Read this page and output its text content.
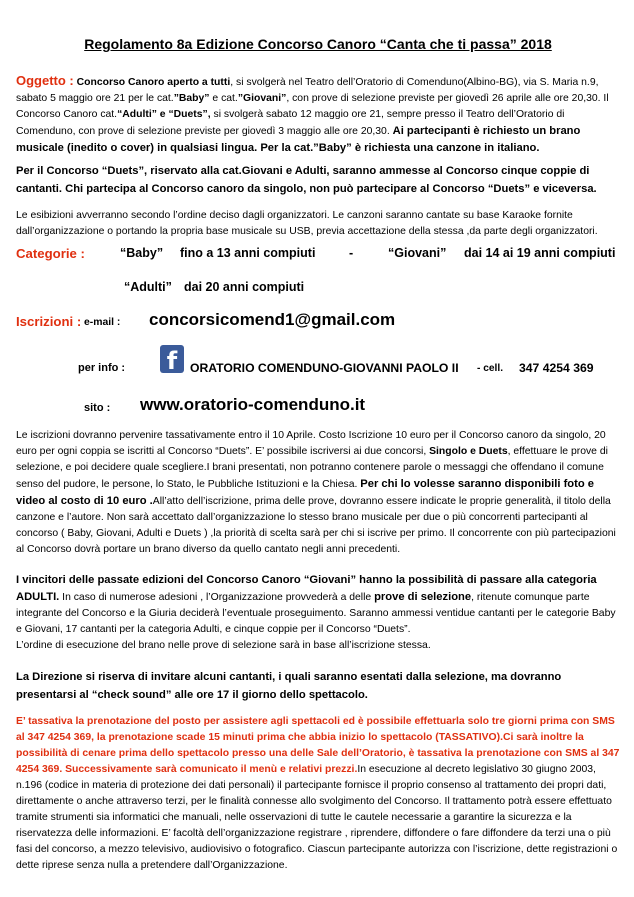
Regolamento 8a Edizione Concorso Canoro “Canta che ti passa” 2018
Oggetto : Concorso Canoro aperto a tutti, si svolgerà nel Teatro dell’Oratorio di Comenduno(Albino-BG), via S. Maria n.9, sabato 5 maggio ore 21 per le cat.”Baby” e cat.”Giovani”, con prove di selezione previste per giovedì 26 aprile alle ore 20,30. Il Concorso Canoro cat.“Adulti” e “Duets”, si svolgerà sabato 12 maggio ore 21, sempre presso il Teatro dell’Oratorio di Comenduno, con prove di selezione previste per giovedì 3 maggio alle ore 20,30. Ai partecipanti è richiesto un brano musicale (inedito o cover) in qualsiasi lingua. Per la cat.”Baby” è richiesta una canzone in italiano.
Per il Concorso “Duets”, riservato alla cat.Giovani e Adulti, saranno ammesse al Concorso cinque coppie di cantanti. Chi partecipa al Concorso canoro da singolo, non può partecipare al Concorso “Duets” e viceversa.
Le esibizioni avverranno secondo l’ordine deciso dagli organizzatori. Le canzoni saranno cantate su base Karaoke fornite dall’organizzazione o portando la propria base musicale su USB, previa accettazione della stessa ,da parte degli organizzatori.
Categorie :	“Baby” fino a 13 anni compiuti	-	“Giovani” dai 14 ai 19 anni compiuti
“Adulti” dai 20 anni compiuti
Iscrizioni : e-mail : concorsicomend1@gmail.com
per info : f	ORATORIO COMENDUNO-GIOVANNI PAOLO II - cell. 347 4254 369
sito : www.oratorio-comenduno.it
Le iscrizioni dovranno pervenire tassativamente entro il 10 Aprile. Costo Iscrizione 10 euro per il Concorso canoro da singolo, 20 euro per ogni coppia se iscritti al Concorso “Duets”. E’ possibile iscriversi ai due concorsi, Singolo e Duets, effettuare le prove di selezione, e poi decidere quale scegliere.I brani presentati, non potranno contenere parole o messaggi che offendano il comune senso del pudore, le persone, lo Stato, le Pubbliche Istituzioni e la Chiesa. Per chi lo volesse saranno disponibili foto e video al costo di 10 euro .All’atto dell’iscrizione, prima delle prove, dovranno essere indicate le proprie generalità, il titolo della canzone e l’autore. Non sarà accettato dall’organizzazione lo stesso brano musicale per due o più concorrenti partecipanti al concorso ( Baby, Giovani, Adulti e Duets ) ,la priorità di scelta sarà per chi si iscrive per primo. Il concorrente con più partecipazioni al Concorso dovrà portare un brano diverso da quello cantato negli anni precedenti.
I vincitori delle passate edizioni del Concorso Canoro “Giovani” hanno la possibilità di passare alla categoria ADULTI. In caso di numerose adesioni , l’Organizzazione provvederà a delle prove di selezione, ritenute comunque parte integrante del Concorso e la Giuria deciderà l’eventuale proseguimento. Saranno ammessi ventidue cantanti per le categorie Baby e Giovani, 17 cantanti per la categoria Adulti, e cinque coppie per il Concorso “Duets”.
L’ordine di esecuzione del brano nelle prove di selezione sarà in base all’iscrizione stessa.
La Direzione si riserva di invitare alcuni cantanti, i quali saranno esentati dalla selezione, ma dovranno presentarsi al “check sound” alle ore 17 il giorno dello spettacolo.
E’ tassativa la prenotazione del posto per assistere agli spettacoli ed è possibile effettuarla solo tre giorni prima con SMS al 347 4254 369, la prenotazione scade 15 minuti prima che abbia inizio lo spettacolo (TASSATIVO).Ci sarà inoltre la possibilità di cenare prima dello spettacolo presso una delle Sale dell’Oratorio, è tassativa la prenotazione con SMS al 347 4254 369. Successivamente sarà comunicato il menù e relativi prezzi.In esecuzione al decreto legislativo 30 giugno 2003, n.196 (codice in materia di protezione dei dati personali) il partecipante fornisce il proprio consenso al trattamento dei propri dati, direttamente o anche attraverso terzi, per le finalità connesse allo svolgimento del Concorso. Il trattamento potrà essere effettuato tramite strumenti sia informatici che manuali, nelle osservazioni di tutte le cautele necessarie a garantire la sicurezza e la riservatezza delle informazioni. E’ facoltà dell’organizzazione registrare , riprendere, diffondere o fare diffondere da terzi una o più fasi del concorso, a mezzo televisivo, audiovisivo o fotografico. Ciascun partecipante autorizza con l’iscrizione, dette registrazioni o dette riprese senza nulla a pretendere dall’Organizzazione.
